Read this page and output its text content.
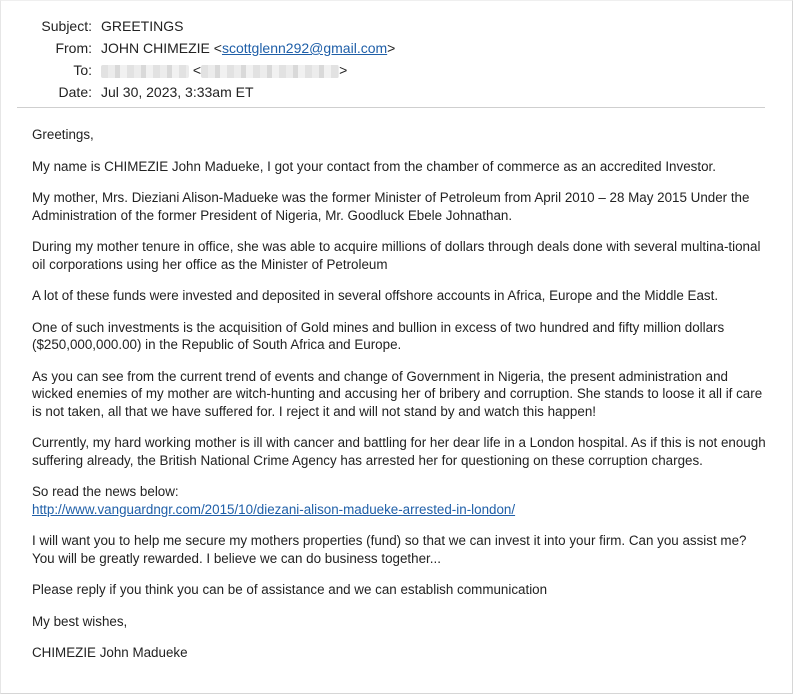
Subject: GREETINGS
From: JOHN CHIMEZIE <scottglenn292@gmail.com>
To:	<	>
Date: Jul 30, 2023, 3:33am ET

Greetings,

My name is CHIMEZIE John Madueke, I got your contact from the chamber of commerce as an accredited Investor.

My mother, Mrs. Dieziani Alison-Madueke was the former Minister of Petroleum from April 2010 – 28 May 2015 Under the Administration of the former President of Nigeria, Mr. Goodluck Ebele Johnathan.

During my mother tenure in office, she was able to acquire millions of dollars through deals done with several multina-tional oil corporations using her office as the Minister of Petroleum

A lot of these funds were invested and deposited in several offshore accounts in Africa, Europe and the Middle East.

One of such investments is the acquisition of Gold mines and bullion in excess of two hundred and fifty million dollars ($250,000,000.00) in the Republic of South Africa and Europe.

As you can see from the current trend of events and change of Government in Nigeria, the present administration and wicked enemies of my mother are witch-hunting and accusing her of bribery and corruption. She stands to loose it all if care is not taken, all that we have suffered for. I reject it and will not stand by and watch this happen!

Currently, my hard working mother is ill with cancer and battling for her dear life in a London hospital. As if this is not enough suffering already, the British National Crime Agency has arrested her for questioning on these corruption charges.

So read the news below:
http://www.vanguardngr.com/2015/10/diezani-alison-madueke-arrested-in-london/

I will want you to help me secure my mothers properties (fund) so that we can invest it into your firm. Can you assist me? You will be greatly rewarded. I believe we can do business together...

Please reply if you think you can be of assistance and we can establish communication

My best wishes,

CHIMEZIE John Madueke
